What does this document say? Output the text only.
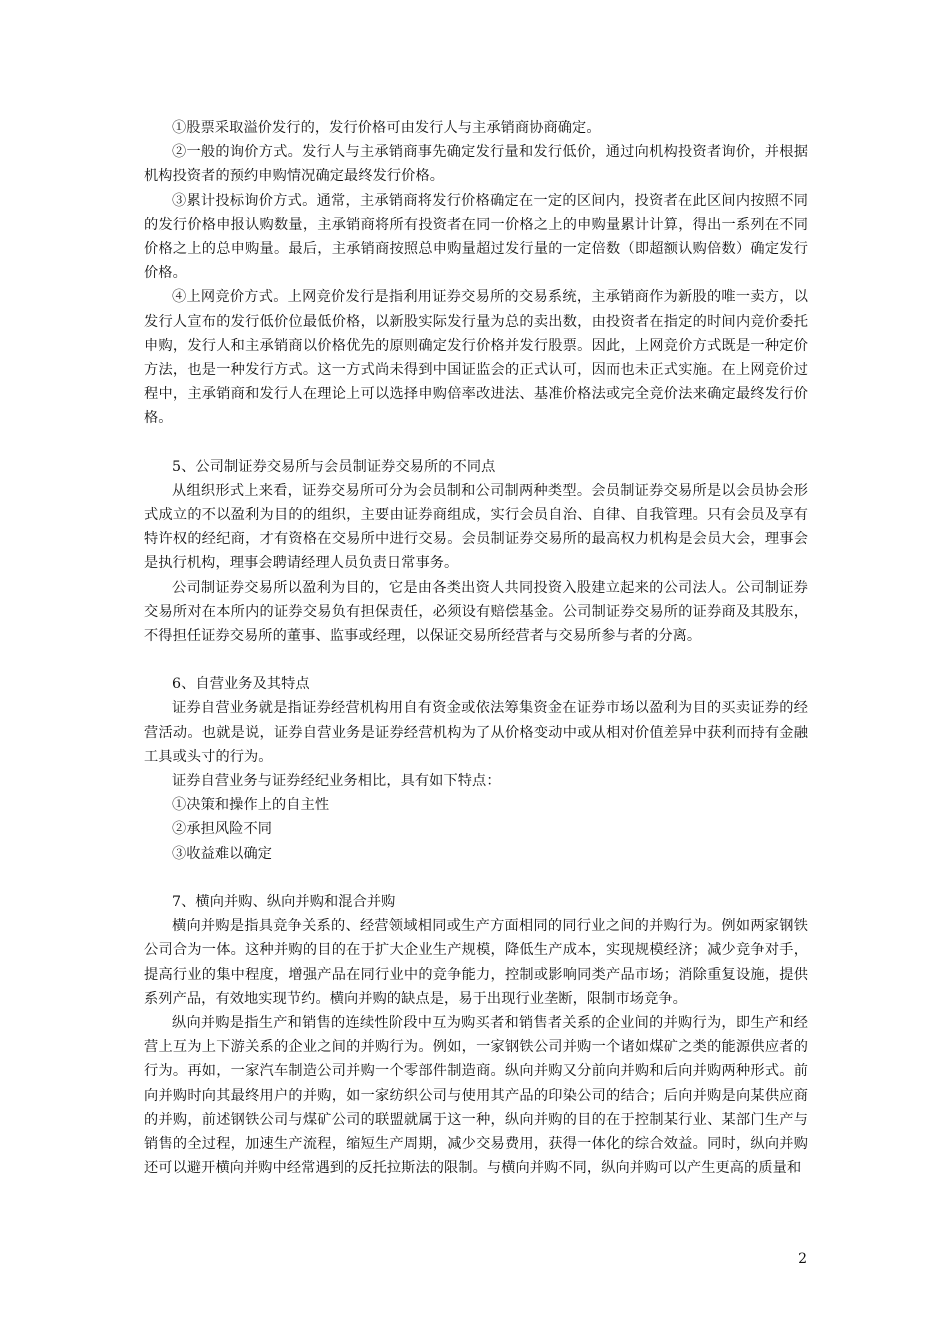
①股票采取溢价发行的，发行价格可由发行人与主承销商协商确定。

②一般的询价方式。发行人与主承销商事先确定发行量和发行低价，通过向机构投资者询价，并根据机构投资者的预约申购情况确定最终发行价格。

③累计投标询价方式。通常，主承销商将发行价格确定在一定的区间内，投资者在此区间内按照不同的发行价格申报认购数量，主承销商将所有投资者在同一价格之上的申购量累计计算，得出一系列在不同价格之上的总申购量。最后，主承销商按照总申购量超过发行量的一定倍数（即超额认购倍数）确定发行价格。

④上网竞价方式。上网竞价发行是指利用证券交易所的交易系统，主承销商作为新股的唯一卖方，以发行人宣布的发行低价位最低价格，以新股实际发行量为总的卖出数，由投资者在指定的时间内竞价委托申购，发行人和主承销商以价格优先的原则确定发行价格并发行股票。因此，上网竞价方式既是一种定价方法，也是一种发行方式。这一方式尚未得到中国证监会的正式认可，因而也未正式实施。在上网竞价过程中，主承销商和发行人在理论上可以选择申购倍率改进法、基准价格法或完全竞价法来确定最终发行价格。

5、公司制证券交易所与会员制证券交易所的不同点

从组织形式上来看，证券交易所可分为会员制和公司制两种类型。会员制证券交易所是以会员协会形式成立的不以盈利为目的的组织，主要由证券商组成，实行会员自治、自律、自我管理。只有会员及享有特许权的经纪商，才有资格在交易所中进行交易。会员制证券交易所的最高权力机构是会员大会，理事会是执行机构，理事会聘请经理人员负责日常事务。

公司制证券交易所以盈利为目的，它是由各类出资人共同投资入股建立起来的公司法人。公司制证券交易所对在本所内的证券交易负有担保责任，必须设有赔偿基金。公司制证券交易所的证券商及其股东，不得担任证券交易所的董事、监事或经理，以保证交易所经营者与交易所参与者的分离。

6、自营业务及其特点

证券自营业务就是指证券经营机构用自有资金或依法筹集资金在证券市场以盈利为目的买卖证券的经营活动。也就是说，证券自营业务是证券经营机构为了从价格变动中或从相对价值差异中获利而持有金融工具或头寸的行为。

证券自营业务与证券经纪业务相比，具有如下特点：

①决策和操作上的自主性

②承担风险不同

③收益难以确定

7、横向并购、纵向并购和混合并购

横向并购是指具竞争关系的、经营领域相同或生产方面相同的同行业之间的并购行为。例如两家钢铁公司合为一体。这种并购的目的在于扩大企业生产规模，降低生产成本，实现规模经济；减少竞争对手，提高行业的集中程度，增强产品在同行业中的竞争能力，控制或影响同类产品市场；消除重复设施，提供系列产品，有效地实现节约。横向并购的缺点是，易于出现行业垄断，限制市场竞争。

纵向并购是指生产和销售的连续性阶段中互为购买者和销售者关系的企业间的并购行为，即生产和经营上互为上下游关系的企业之间的并购行为。例如，一家钢铁公司并购一个诸如煤矿之类的能源供应者的行为。再如，一家汽车制造公司并购一个零部件制造商。纵向并购又分前向并购和后向并购两种形式。前向并购时向其最终用户的并购，如一家纺织公司与使用其产品的印染公司的结合；后向并购是向某供应商的并购，前述钢铁公司与煤矿公司的联盟就属于这一种，纵向并购的目的在于控制某行业、某部门生产与销售的全过程，加速生产流程，缩短生产周期，减少交易费用，获得一体化的综合效益。同时，纵向并购还可以避开横向并购中经常遇到的反托拉斯法的限制。与横向并购不同，纵向并购可以产生更高的质量和

2
